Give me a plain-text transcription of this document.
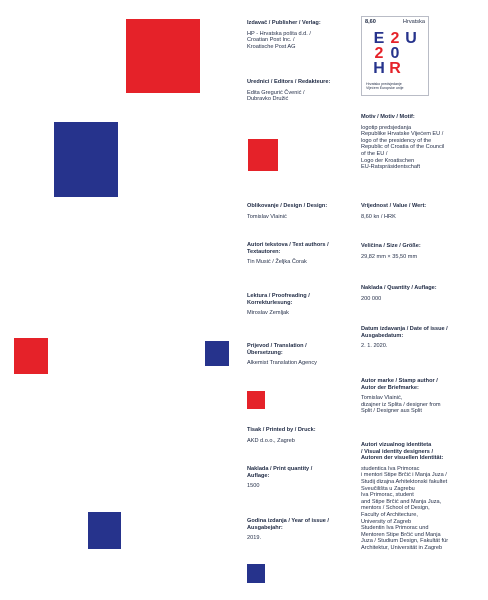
Izdavač / Publisher / Verlag:

HP - Hrvatska pošta d.d. /
Croatian Post Inc. /
Kroatische Post AG

Urednici / Editors / Redakteure:

Edita Gregurić Čvenić /
Dubravko Družić

Oblikovanje / Design / Design:

Tomislav Vlainić

Autori tekstova / Text authors /
Textautoren:

Tin Musić / Željka Čorak

Lektura / Proofreading /
Korrekturlesung:

Miroslav Zemljak

Prijevod / Translation /
Übersetzung:

Alkemist Translation Agency

Tisak / Printed by / Druck:

AKD d.o.o., Zagreb

Naklada / Print quantity /
Auflage:

1500

Godina izdanja / Year of issue /
Ausgabejahr:

2019.

8,60	Hrvatska
E 2 U
2 0
H R
Hrvatsko predsjedanje
Vijećem Europske unije

Motiv / Motiv / Motif:

logotip predsjedanja
Republike Hrvatske Vijećem EU /
logo of the presidency of the
Republic of Croatia of the Council
of the EU /
Logo der Kroatischen
EU-Ratspräsidentschaft

Vrijednost / Value / Wert:

8,60 kn / HRK

Veličina / Size / Größe:

29,82 mm × 35,50 mm

Naklada / Quantity / Auflage:

200 000

Datum izdavanja / Date of issue /
Ausgabedatum:

2. 1. 2020.

Autor marke / Stamp author /
Autor der Briefmarke:

Tomislav Vlainić,
dizajner iz Splita / designer from
Split / Designer aus Split

Autori vizualnog identiteta
/ Visual identity designers /
Autoren der visuellen Identität:

studentica Iva Primorac
i mentori Stipe Brčić i Manja Juza /
Studij dizajna Arhitektonski fakultet
Sveučilišta u Zagrebu
Iva Primorac, student
and Stipe Brčić and Manja Juza,
mentors / School of Design,
Faculty of Architecture,
University of Zagreb
Studentin Iva Primorac und
Mentoren Stipe Brčić und Manja
Juza / Studium Design, Fakultät für
Architektur, Universität in Zagreb
